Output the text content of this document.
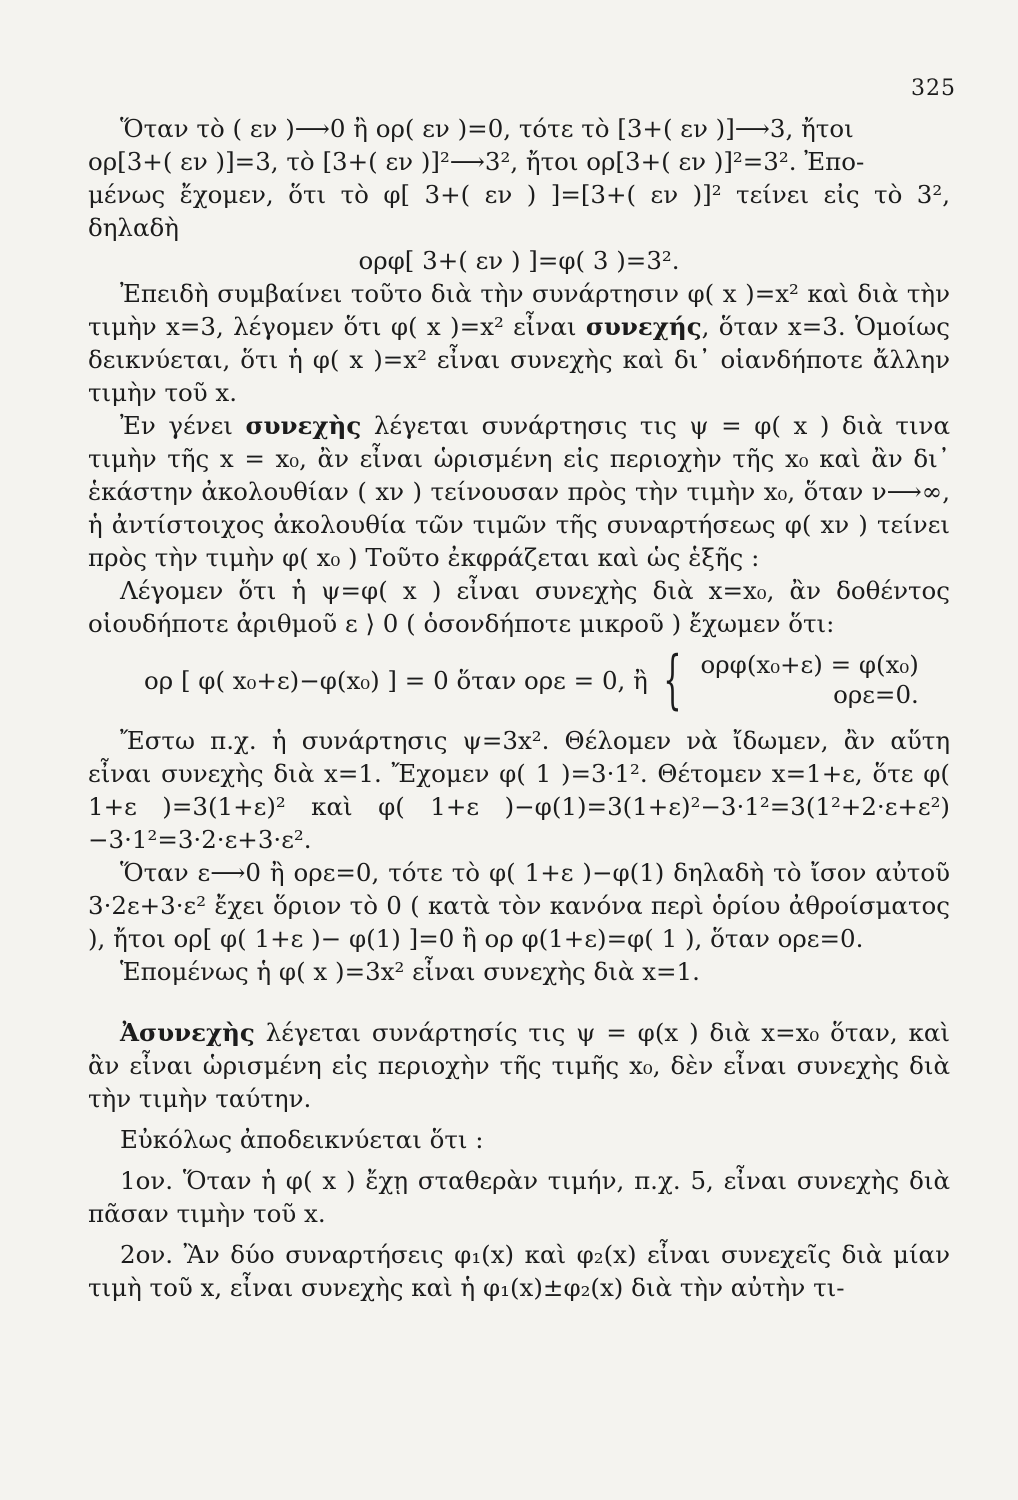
325

Ὅταν τὸ ( εν )⟶0 ἢ ορ( εν )=0, τότε τὸ [3+( εν )]⟶3, ἤτοι

ορ[3+( εν )]=3, τὸ [3+( εν )]²⟶3², ἤτοι ορ[3+( εν )]²=3². Ἐπο-

μένως ἔχομεν, ὅτι τὸ φ[ 3+( εν ) ]=[3+( εν )]² τείνει εἰς τὸ 3², δηλαδὴ

ορφ[ 3+( εν ) ]=φ( 3 )=3².

Ἐπειδὴ συμβαίνει τοῦτο διὰ τὴν συνάρτησιν φ( x )=x² καὶ διὰ τὴν τιμὴν x=3, λέγομεν ὅτι φ( x )=x² εἶναι συνεχής, ὅταν x=3. Ὁμοίως δεικνύεται, ὅτι ἡ φ( x )=x² εἶναι συνεχὴς καὶ δι᾽ οἱανδήποτε ἄλλην τιμὴν τοῦ x.

Ἐν γένει συνεχὴς λέγεται συνάρτησις τις ψ = φ( x ) διὰ τινα τιμὴν τῆς x = x₀, ἂν εἶναι ὡρισμένη εἰς περιοχὴν τῆς x₀ καὶ ἂν δι᾽ ἑκάστην ἀκολουθίαν ( xν ) τείνουσαν πρὸς τὴν τιμὴν x₀, ὅταν ν⟶∞, ἡ ἀντίστοιχος ἀκολουθία τῶν τιμῶν τῆς συναρτήσεως φ( xν ) τείνει πρὸς τὴν τιμὴν φ( x₀ ) Τοῦτο ἐκφράζεται καὶ ὡς ἑξῆς :

Λέγομεν ὅτι ἡ ψ=φ( x ) εἶναι συνεχὴς διὰ x=x₀, ἂν δοθέντος οἱουδήποτε ἀριθμοῦ ε ⟩ 0 ( ὁσονδήποτε μικροῦ ) ἔχωμεν ὅτι:

ορ [ φ( x₀+ε)−φ(x₀) ] = 0 ὅταν ορε = 0, ἢ { ορφ(x₀+ε) = φ(x₀)
ορε=0.

Ἔστω π.χ. ἡ συνάρτησις ψ=3x². Θέλομεν νὰ ἴδωμεν, ἂν αὕτη εἶναι συνεχὴς διὰ x=1. Ἔχομεν φ( 1 )=3·1². Θέτομεν x=1+ε, ὅτε φ( 1+ε )=3(1+ε)² καὶ φ( 1+ε )−φ(1)=3(1+ε)²−3·1²=3(1²+2·ε+ε²) −3·1²=3·2·ε+3·ε².

Ὅταν ε⟶0 ἢ ορε=0, τότε τὸ φ( 1+ε )−φ(1) δηλαδὴ τὸ ἴσον αὐτοῦ 3·2ε+3·ε² ἔχει ὅριον τὸ 0 ( κατὰ τὸν κανόνα περὶ ὁρίου ἀθροίσματος ), ἤτοι ορ[ φ( 1+ε )− φ(1) ]=0 ἢ ορ φ(1+ε)=φ( 1 ), ὅταν ορε=0.

Ἑπομένως ἡ φ( x )=3x² εἶναι συνεχὴς διὰ x=1.

Ἀσυνεχὴς λέγεται συνάρτησίς τις ψ = φ(x ) διὰ x=x₀ ὅταν, καὶ ἂν εἶναι ὡρισμένη εἰς περιοχὴν τῆς τιμῆς x₀, δὲν εἶναι συνεχὴς διὰ τὴν τιμὴν ταύτην.

Εὐκόλως ἀποδεικνύεται ὅτι :

1ον. Ὅταν ἡ φ( x ) ἔχῃ σταθερὰν τιμήν, π.χ. 5, εἶναι συνεχὴς διὰ πᾶσαν τιμὴν τοῦ x.

2ον. Ἂν δύο συναρτήσεις φ₁(x) καὶ φ₂(x) εἶναι συνεχεῖς διὰ μίαν τιμὴ τοῦ x, εἶναι συνεχὴς καὶ ἡ φ₁(x)±φ₂(x) διὰ τὴν αὐτὴν τι-
